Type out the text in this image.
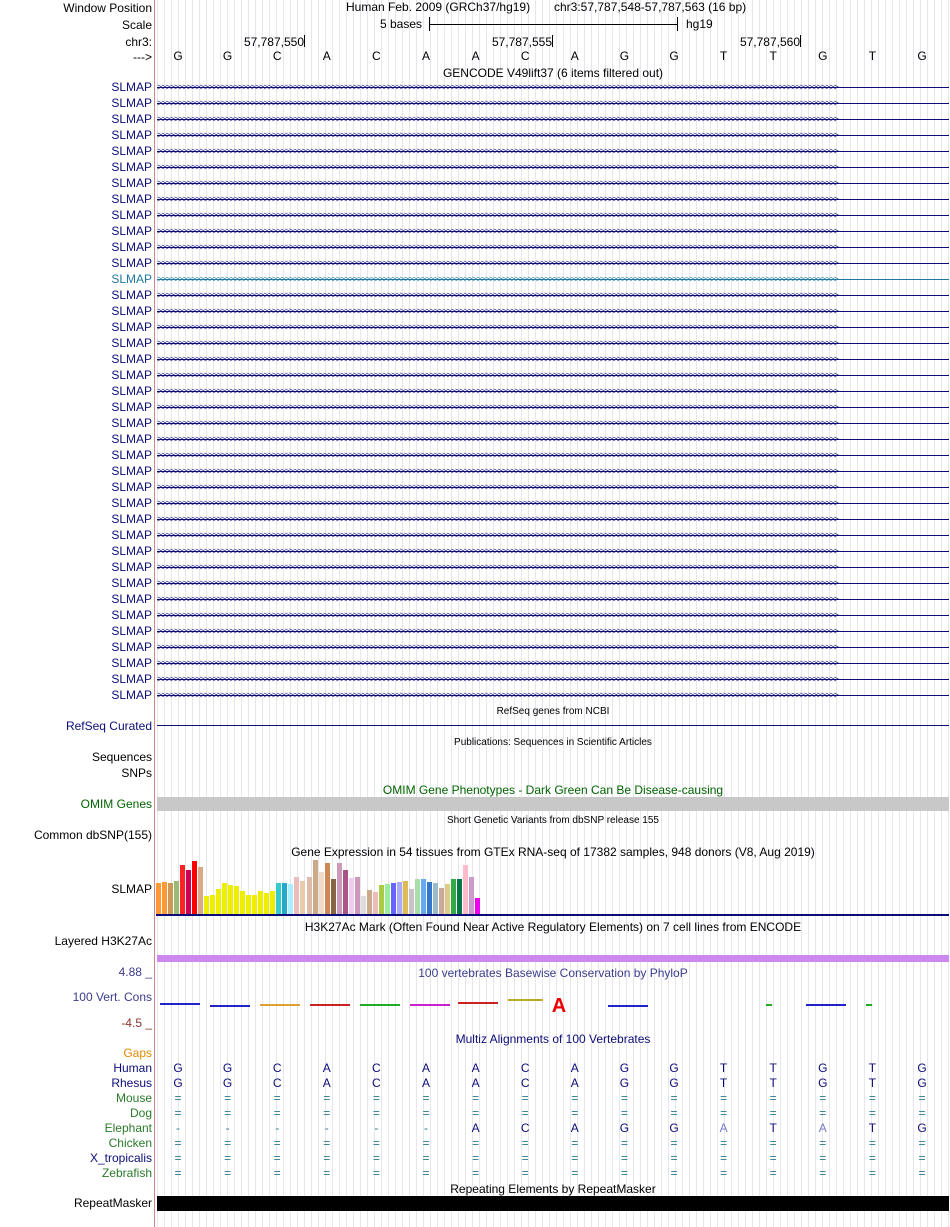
Window Position	Human Feb. 2009 (GRCh37/hg19) chr3:57,787,548-57,787,563 (16 bp)
Scale	5 bases	hg19
chr3:	57,787,550	57,787,555	57,787,560
--->	G	G	C	A	C	A	A	C	A	G	G	T	T	G	T	G
GENCODE V49lift37 (6 items filtered out)
SLMAP >>>>>>>>>>>>>>>>>>>>>>>>>>>>>>>>>>>>>>>>>>>>>>>>>>>>>>>>>>>>>>>>>>>>>>>>>>>>>>>>>>>>>>>>>>>>>>>>>>>>>>>>>>>>>>>>>>>>>>>>>>>>>>>>>>>>>>>>>>>>>>>>>>>>>>>>>>>>>>>>
SLMAP >>>>>>>>>>>>>>>>>>>>>>>>>>>>>>>>>>>>>>>>>>>>>>>>>>>>>>>>>>>>>>>>>>>>>>>>>>>>>>>>>>>>>>>>>>>>>>>>>>>>>>>>>>>>>>>>>>>>>>>>>>>>>>>>>>>>>>>>>>>>>>>>>>>>>>>>>>>>>>>>
SLMAP >>>>>>>>>>>>>>>>>>>>>>>>>>>>>>>>>>>>>>>>>>>>>>>>>>>>>>>>>>>>>>>>>>>>>>>>>>>>>>>>>>>>>>>>>>>>>>>>>>>>>>>>>>>>>>>>>>>>>>>>>>>>>>>>>>>>>>>>>>>>>>>>>>>>>>>>>>>>>>>>
SLMAP >>>>>>>>>>>>>>>>>>>>>>>>>>>>>>>>>>>>>>>>>>>>>>>>>>>>>>>>>>>>>>>>>>>>>>>>>>>>>>>>>>>>>>>>>>>>>>>>>>>>>>>>>>>>>>>>>>>>>>>>>>>>>>>>>>>>>>>>>>>>>>>>>>>>>>>>>>>>>>>>
SLMAP >>>>>>>>>>>>>>>>>>>>>>>>>>>>>>>>>>>>>>>>>>>>>>>>>>>>>>>>>>>>>>>>>>>>>>>>>>>>>>>>>>>>>>>>>>>>>>>>>>>>>>>>>>>>>>>>>>>>>>>>>>>>>>>>>>>>>>>>>>>>>>>>>>>>>>>>>>>>>>>>
SLMAP >>>>>>>>>>>>>>>>>>>>>>>>>>>>>>>>>>>>>>>>>>>>>>>>>>>>>>>>>>>>>>>>>>>>>>>>>>>>>>>>>>>>>>>>>>>>>>>>>>>>>>>>>>>>>>>>>>>>>>>>>>>>>>>>>>>>>>>>>>>>>>>>>>>>>>>>>>>>>>>>
SLMAP >>>>>>>>>>>>>>>>>>>>>>>>>>>>>>>>>>>>>>>>>>>>>>>>>>>>>>>>>>>>>>>>>>>>>>>>>>>>>>>>>>>>>>>>>>>>>>>>>>>>>>>>>>>>>>>>>>>>>>>>>>>>>>>>>>>>>>>>>>>>>>>>>>>>>>>>>>>>>>>>
SLMAP >>>>>>>>>>>>>>>>>>>>>>>>>>>>>>>>>>>>>>>>>>>>>>>>>>>>>>>>>>>>>>>>>>>>>>>>>>>>>>>>>>>>>>>>>>>>>>>>>>>>>>>>>>>>>>>>>>>>>>>>>>>>>>>>>>>>>>>>>>>>>>>>>>>>>>>>>>>>>>>>
SLMAP >>>>>>>>>>>>>>>>>>>>>>>>>>>>>>>>>>>>>>>>>>>>>>>>>>>>>>>>>>>>>>>>>>>>>>>>>>>>>>>>>>>>>>>>>>>>>>>>>>>>>>>>>>>>>>>>>>>>>>>>>>>>>>>>>>>>>>>>>>>>>>>>>>>>>>>>>>>>>>>>
SLMAP >>>>>>>>>>>>>>>>>>>>>>>>>>>>>>>>>>>>>>>>>>>>>>>>>>>>>>>>>>>>>>>>>>>>>>>>>>>>>>>>>>>>>>>>>>>>>>>>>>>>>>>>>>>>>>>>>>>>>>>>>>>>>>>>>>>>>>>>>>>>>>>>>>>>>>>>>>>>>>>>
SLMAP >>>>>>>>>>>>>>>>>>>>>>>>>>>>>>>>>>>>>>>>>>>>>>>>>>>>>>>>>>>>>>>>>>>>>>>>>>>>>>>>>>>>>>>>>>>>>>>>>>>>>>>>>>>>>>>>>>>>>>>>>>>>>>>>>>>>>>>>>>>>>>>>>>>>>>>>>>>>>>>>
SLMAP >>>>>>>>>>>>>>>>>>>>>>>>>>>>>>>>>>>>>>>>>>>>>>>>>>>>>>>>>>>>>>>>>>>>>>>>>>>>>>>>>>>>>>>>>>>>>>>>>>>>>>>>>>>>>>>>>>>>>>>>>>>>>>>>>>>>>>>>>>>>>>>>>>>>>>>>>>>>>>>>
SLMAP >>>>>>>>>>>>>>>>>>>>>>>>>>>>>>>>>>>>>>>>>>>>>>>>>>>>>>>>>>>>>>>>>>>>>>>>>>>>>>>>>>>>>>>>>>>>>>>>>>>>>>>>>>>>>>>>>>>>>>>>>>>>>>>>>>>>>>>>>>>>>>>>>>>>>>>>>>>>>>>>
SLMAP >>>>>>>>>>>>>>>>>>>>>>>>>>>>>>>>>>>>>>>>>>>>>>>>>>>>>>>>>>>>>>>>>>>>>>>>>>>>>>>>>>>>>>>>>>>>>>>>>>>>>>>>>>>>>>>>>>>>>>>>>>>>>>>>>>>>>>>>>>>>>>>>>>>>>>>>>>>>>>>>
SLMAP >>>>>>>>>>>>>>>>>>>>>>>>>>>>>>>>>>>>>>>>>>>>>>>>>>>>>>>>>>>>>>>>>>>>>>>>>>>>>>>>>>>>>>>>>>>>>>>>>>>>>>>>>>>>>>>>>>>>>>>>>>>>>>>>>>>>>>>>>>>>>>>>>>>>>>>>>>>>>>>>
SLMAP >>>>>>>>>>>>>>>>>>>>>>>>>>>>>>>>>>>>>>>>>>>>>>>>>>>>>>>>>>>>>>>>>>>>>>>>>>>>>>>>>>>>>>>>>>>>>>>>>>>>>>>>>>>>>>>>>>>>>>>>>>>>>>>>>>>>>>>>>>>>>>>>>>>>>>>>>>>>>>>>
SLMAP >>>>>>>>>>>>>>>>>>>>>>>>>>>>>>>>>>>>>>>>>>>>>>>>>>>>>>>>>>>>>>>>>>>>>>>>>>>>>>>>>>>>>>>>>>>>>>>>>>>>>>>>>>>>>>>>>>>>>>>>>>>>>>>>>>>>>>>>>>>>>>>>>>>>>>>>>>>>>>>>
SLMAP >>>>>>>>>>>>>>>>>>>>>>>>>>>>>>>>>>>>>>>>>>>>>>>>>>>>>>>>>>>>>>>>>>>>>>>>>>>>>>>>>>>>>>>>>>>>>>>>>>>>>>>>>>>>>>>>>>>>>>>>>>>>>>>>>>>>>>>>>>>>>>>>>>>>>>>>>>>>>>>>
SLMAP >>>>>>>>>>>>>>>>>>>>>>>>>>>>>>>>>>>>>>>>>>>>>>>>>>>>>>>>>>>>>>>>>>>>>>>>>>>>>>>>>>>>>>>>>>>>>>>>>>>>>>>>>>>>>>>>>>>>>>>>>>>>>>>>>>>>>>>>>>>>>>>>>>>>>>>>>>>>>>>>
SLMAP >>>>>>>>>>>>>>>>>>>>>>>>>>>>>>>>>>>>>>>>>>>>>>>>>>>>>>>>>>>>>>>>>>>>>>>>>>>>>>>>>>>>>>>>>>>>>>>>>>>>>>>>>>>>>>>>>>>>>>>>>>>>>>>>>>>>>>>>>>>>>>>>>>>>>>>>>>>>>>>>
SLMAP >>>>>>>>>>>>>>>>>>>>>>>>>>>>>>>>>>>>>>>>>>>>>>>>>>>>>>>>>>>>>>>>>>>>>>>>>>>>>>>>>>>>>>>>>>>>>>>>>>>>>>>>>>>>>>>>>>>>>>>>>>>>>>>>>>>>>>>>>>>>>>>>>>>>>>>>>>>>>>>>
SLMAP >>>>>>>>>>>>>>>>>>>>>>>>>>>>>>>>>>>>>>>>>>>>>>>>>>>>>>>>>>>>>>>>>>>>>>>>>>>>>>>>>>>>>>>>>>>>>>>>>>>>>>>>>>>>>>>>>>>>>>>>>>>>>>>>>>>>>>>>>>>>>>>>>>>>>>>>>>>>>>>>
SLMAP >>>>>>>>>>>>>>>>>>>>>>>>>>>>>>>>>>>>>>>>>>>>>>>>>>>>>>>>>>>>>>>>>>>>>>>>>>>>>>>>>>>>>>>>>>>>>>>>>>>>>>>>>>>>>>>>>>>>>>>>>>>>>>>>>>>>>>>>>>>>>>>>>>>>>>>>>>>>>>>>
SLMAP >>>>>>>>>>>>>>>>>>>>>>>>>>>>>>>>>>>>>>>>>>>>>>>>>>>>>>>>>>>>>>>>>>>>>>>>>>>>>>>>>>>>>>>>>>>>>>>>>>>>>>>>>>>>>>>>>>>>>>>>>>>>>>>>>>>>>>>>>>>>>>>>>>>>>>>>>>>>>>>>
SLMAP >>>>>>>>>>>>>>>>>>>>>>>>>>>>>>>>>>>>>>>>>>>>>>>>>>>>>>>>>>>>>>>>>>>>>>>>>>>>>>>>>>>>>>>>>>>>>>>>>>>>>>>>>>>>>>>>>>>>>>>>>>>>>>>>>>>>>>>>>>>>>>>>>>>>>>>>>>>>>>>>
SLMAP >>>>>>>>>>>>>>>>>>>>>>>>>>>>>>>>>>>>>>>>>>>>>>>>>>>>>>>>>>>>>>>>>>>>>>>>>>>>>>>>>>>>>>>>>>>>>>>>>>>>>>>>>>>>>>>>>>>>>>>>>>>>>>>>>>>>>>>>>>>>>>>>>>>>>>>>>>>>>>>>
SLMAP >>>>>>>>>>>>>>>>>>>>>>>>>>>>>>>>>>>>>>>>>>>>>>>>>>>>>>>>>>>>>>>>>>>>>>>>>>>>>>>>>>>>>>>>>>>>>>>>>>>>>>>>>>>>>>>>>>>>>>>>>>>>>>>>>>>>>>>>>>>>>>>>>>>>>>>>>>>>>>>>
SLMAP >>>>>>>>>>>>>>>>>>>>>>>>>>>>>>>>>>>>>>>>>>>>>>>>>>>>>>>>>>>>>>>>>>>>>>>>>>>>>>>>>>>>>>>>>>>>>>>>>>>>>>>>>>>>>>>>>>>>>>>>>>>>>>>>>>>>>>>>>>>>>>>>>>>>>>>>>>>>>>>>
SLMAP >>>>>>>>>>>>>>>>>>>>>>>>>>>>>>>>>>>>>>>>>>>>>>>>>>>>>>>>>>>>>>>>>>>>>>>>>>>>>>>>>>>>>>>>>>>>>>>>>>>>>>>>>>>>>>>>>>>>>>>>>>>>>>>>>>>>>>>>>>>>>>>>>>>>>>>>>>>>>>>>
SLMAP >>>>>>>>>>>>>>>>>>>>>>>>>>>>>>>>>>>>>>>>>>>>>>>>>>>>>>>>>>>>>>>>>>>>>>>>>>>>>>>>>>>>>>>>>>>>>>>>>>>>>>>>>>>>>>>>>>>>>>>>>>>>>>>>>>>>>>>>>>>>>>>>>>>>>>>>>>>>>>>>
SLMAP >>>>>>>>>>>>>>>>>>>>>>>>>>>>>>>>>>>>>>>>>>>>>>>>>>>>>>>>>>>>>>>>>>>>>>>>>>>>>>>>>>>>>>>>>>>>>>>>>>>>>>>>>>>>>>>>>>>>>>>>>>>>>>>>>>>>>>>>>>>>>>>>>>>>>>>>>>>>>>>>
SLMAP >>>>>>>>>>>>>>>>>>>>>>>>>>>>>>>>>>>>>>>>>>>>>>>>>>>>>>>>>>>>>>>>>>>>>>>>>>>>>>>>>>>>>>>>>>>>>>>>>>>>>>>>>>>>>>>>>>>>>>>>>>>>>>>>>>>>>>>>>>>>>>>>>>>>>>>>>>>>>>>>
SLMAP >>>>>>>>>>>>>>>>>>>>>>>>>>>>>>>>>>>>>>>>>>>>>>>>>>>>>>>>>>>>>>>>>>>>>>>>>>>>>>>>>>>>>>>>>>>>>>>>>>>>>>>>>>>>>>>>>>>>>>>>>>>>>>>>>>>>>>>>>>>>>>>>>>>>>>>>>>>>>>>>
SLMAP >>>>>>>>>>>>>>>>>>>>>>>>>>>>>>>>>>>>>>>>>>>>>>>>>>>>>>>>>>>>>>>>>>>>>>>>>>>>>>>>>>>>>>>>>>>>>>>>>>>>>>>>>>>>>>>>>>>>>>>>>>>>>>>>>>>>>>>>>>>>>>>>>>>>>>>>>>>>>>>>
SLMAP >>>>>>>>>>>>>>>>>>>>>>>>>>>>>>>>>>>>>>>>>>>>>>>>>>>>>>>>>>>>>>>>>>>>>>>>>>>>>>>>>>>>>>>>>>>>>>>>>>>>>>>>>>>>>>>>>>>>>>>>>>>>>>>>>>>>>>>>>>>>>>>>>>>>>>>>>>>>>>>>
SLMAP >>>>>>>>>>>>>>>>>>>>>>>>>>>>>>>>>>>>>>>>>>>>>>>>>>>>>>>>>>>>>>>>>>>>>>>>>>>>>>>>>>>>>>>>>>>>>>>>>>>>>>>>>>>>>>>>>>>>>>>>>>>>>>>>>>>>>>>>>>>>>>>>>>>>>>>>>>>>>>>>
SLMAP >>>>>>>>>>>>>>>>>>>>>>>>>>>>>>>>>>>>>>>>>>>>>>>>>>>>>>>>>>>>>>>>>>>>>>>>>>>>>>>>>>>>>>>>>>>>>>>>>>>>>>>>>>>>>>>>>>>>>>>>>>>>>>>>>>>>>>>>>>>>>>>>>>>>>>>>>>>>>>>>
SLMAP >>>>>>>>>>>>>>>>>>>>>>>>>>>>>>>>>>>>>>>>>>>>>>>>>>>>>>>>>>>>>>>>>>>>>>>>>>>>>>>>>>>>>>>>>>>>>>>>>>>>>>>>>>>>>>>>>>>>>>>>>>>>>>>>>>>>>>>>>>>>>>>>>>>>>>>>>>>>>>>>
SLMAP >>>>>>>>>>>>>>>>>>>>>>>>>>>>>>>>>>>>>>>>>>>>>>>>>>>>>>>>>>>>>>>>>>>>>>>>>>>>>>>>>>>>>>>>>>>>>>>>>>>>>>>>>>>>>>>>>>>>>>>>>>>>>>>>>>>>>>>>>>>>>>>>>>>>>>>>>>>>>>>>
RefSeq genes from NCBI
RefSeq Curated
Publications: Sequences in Scientific Articles
Sequences
SNPs
OMIM Gene Phenotypes - Dark Green Can Be Disease-causing
OMIM Genes
Short Genetic Variants from dbSNP release 155
Common dbSNP(155)
Gene Expression in 54 tissues from GTEx RNA-seq of 17382 samples, 948 donors (V8, Aug 2019)
SLMAP
H3K27Ac Mark (Often Found Near Active Regulatory Elements) on 7 cell lines from ENCODE
Layered H3K27Ac
100 vertebrates Basewise Conservation by PhyloP
4.88 _
100 Vert. Cons
-4.5 _
A
Multiz Alignments of 100 Vertebrates
Gaps
Human	G	G	C	A	C	A	A	C	A	G	G	T	T	G	T	G
Rhesus	G	G	C	A	C	A	A	C	A	G	G	T	T	G	T	G
Mouse	=	=	=	=	=	=	=	=	=	=	=	=	=	=	=	=
Dog	=	=	=	=	=	=	=	=	=	=	=	=	=	=	=	=
Elephant	-	-	-	-	-	-	A	C	A	G	G	A	T	A	T	G
Chicken	=	=	=	=	=	=	=	=	=	=	=	=	=	=	=	=
X_tropicalis	=	=	=	=	=	=	=	=	=	=	=	=	=	=	=	=
Zebrafish	=	=	=	=	=	=	=	=	=	=	=	=	=	=	=	=
Repeating Elements by RepeatMasker
RepeatMasker
